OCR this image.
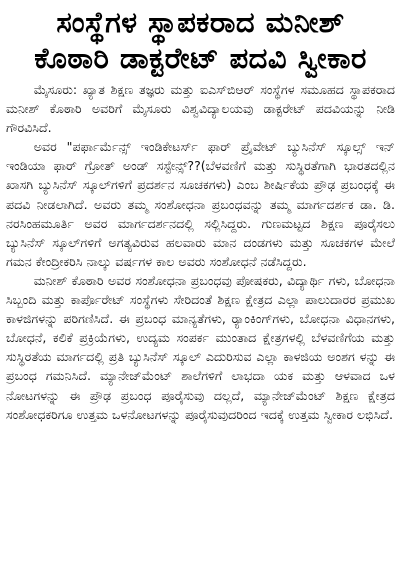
ಸಂಸ್ಥೆಗಳ ಸ್ಥಾಪಕರಾದ ಮನೀಶ್
ಕೊಠಾರಿ ಡಾಕ್ಟರೇಟ್ ಪದವಿ ಸ್ವೀಕಾರ

ಮೈಸೂರು: ಖ್ಯಾತ ಶಿಕ್ಷಣ ತಜ್ಞರು ಮತ್ತು ಐಎಸ್‌ಬಿಆರ್ ಸಂಸ್ಥೆಗಳ ಸಮೂಹದ ಸ್ಥಾಪಕರಾದ ಮನೀಶ್ ಕೊಠಾರಿ ಅವರಿಗೆ ಮೈಸೂರು ವಿಶ್ವವಿದ್ಯಾಲಯವು ಡಾಕ್ಟರೇಟ್ ಪದವಿಯನ್ನು ನೀಡಿ ಗೌರವಿಸಿದೆ.

ಅವರ "ಪರ್ಫಾರ್ಮೆನ್ಸ್ ಇಂಡಿಕೇಟರ್ಸ್ ಫಾರ್ ಪ್ರೈವೇಟ್ ಬ್ಯುಸಿನೆಸ್ ಸ್ಕೂಲ್ಸ್ ಇನ್ ಇಂಡಿಯಾ ಫಾರ್ ಗ್ರೋತ್ ಅಂಡ್ ಸಸ್ಟೇನ್ಸ್??(ಬೆಳವಣಿಗೆ ಮತ್ತು ಸುಸ್ಥಿರತೆಗಾಗಿ ಭಾರತದಲ್ಲಿನ ಖಾಸಗಿ ಬ್ಯುಸಿನೆಸ್ ಸ್ಕೂಲ್‌ಗಳಿಗೆ ಪ್ರದರ್ಶನ ಸೂಚಕಗಳು) ಎಂಬ ಶೀರ್ಷಿಕೆಯ ಪ್ರೌಢ ಪ್ರಬಂಧಕ್ಕೆ ಈ ಪದವಿ ನೀಡಲಾಗಿದೆ. ಅವರು ತಮ್ಮ ಸಂಶೋಧನಾ ಪ್ರಬಂಧವನ್ನು ತಮ್ಮ ಮಾರ್ಗದರ್ಶಕ ಡಾ. ಡಿ. ನರಸಿಂಹಮೂರ್ತಿ ಅವರ ಮಾರ್ಗದರ್ಶನದಲ್ಲಿ ಸಲ್ಲಿಸಿದ್ದರು. ಗುಣಮಟ್ಟದ ಶಿಕ್ಷಣ ಪೂರೈಸಲು ಬ್ಯುಸಿನೆಸ್ ಸ್ಕೂಲ್‌ಗಳಿಗೆ ಅಗತ್ಯವಿರುವ ಹಲವಾರು ಮಾನ ದಂಡಗಳು ಮತ್ತು ಸೂಚಕಗಳ ಮೇಲೆ ಗಮನ ಕೇಂದ್ರೀಕರಿಸಿ ನಾಲ್ಕು ವರ್ಷಗಳ ಕಾಲ ಅವರು ಸಂಶೋಧನೆ ನಡೆಸಿದ್ದರು.

ಮನೀಶ್ ಕೊಠಾರಿ ಅವರ ಸಂಶೋಧನಾ ಪ್ರಬಂಧವು ಪೋಷಕರು, ವಿದ್ಯಾರ್ಥಿ ಗಳು, ಬೋಧನಾ ಸಿಬ್ಬಂದಿ ಮತ್ತು ಕಾರ್ಪೊರೇಟ್ ಸಂಸ್ಥೆಗಳು ಸೇರಿದಂತೆ ಶಿಕ್ಷಣ ಕ್ಷೇತ್ರದ ಎಲ್ಲಾ ಪಾಲುದಾರರ ಪ್ರಮುಖ ಕಾಳಜಿಗಳನ್ನು ಪರಿಗಣಿಸಿದೆ. ಈ ಪ್ರಬಂಧ ಮಾನ್ಯತೆಗಳು, ರ‍್ಯಾಂಕಿಂಗ್‌ಗಳು, ಬೋಧನಾ ವಿಧಾನಗಳು, ಬೋಧನೆ, ಕಲಿಕೆ ಪ್ರಕ್ರಿಯೆಗಳು, ಉದ್ಯಮ ಸಂಪರ್ಕ ಮುಂತಾದ ಕ್ಷೇತ್ರಗಳಲ್ಲಿ ಬೆಳವಣಿಗೆಯ ಮತ್ತು ಸುಸ್ಥಿರತೆಯ ಮಾರ್ಗದಲ್ಲಿ ಪ್ರತಿ ಬ್ಯುಸಿನೆಸ್ ಸ್ಕೂಲ್ ಎದುರಿಸುವ ಎಲ್ಲಾ ಕಾಳಜಿಯ ಅಂಶಗ ಳನ್ನು ಈ ಪ್ರಬಂಧ ಗಮನಿಸಿದೆ. ಮ್ಯಾನೇಜ್‌ಮೆಂಟ್ ಶಾಲೆಗಳಿಗೆ ಲಾಭದಾ ಯಕ ಮತ್ತು ಆಳವಾದ ಒಳ ನೋಟಗಳನ್ನು ಈ ಪ್ರೌಢ ಪ್ರಬಂಧ ಪೂರೈಸುವು ದಲ್ಲದೆ, ಮ್ಯಾನೇಜ್‌ಮೆಂಟ್ ಶಿಕ್ಷಣ ಕ್ಷೇತ್ರದ ಸಂಶೋಧಕರಿಗೂ ಉತ್ತಮ ಒಳನೋಟಗಳನ್ನು ಪೂರೈಸುವುದರಿಂದ ಇದಕ್ಕೆ ಉತ್ತಮ ಸ್ವೀಕಾರ ಲಭಿಸಿದೆ.
